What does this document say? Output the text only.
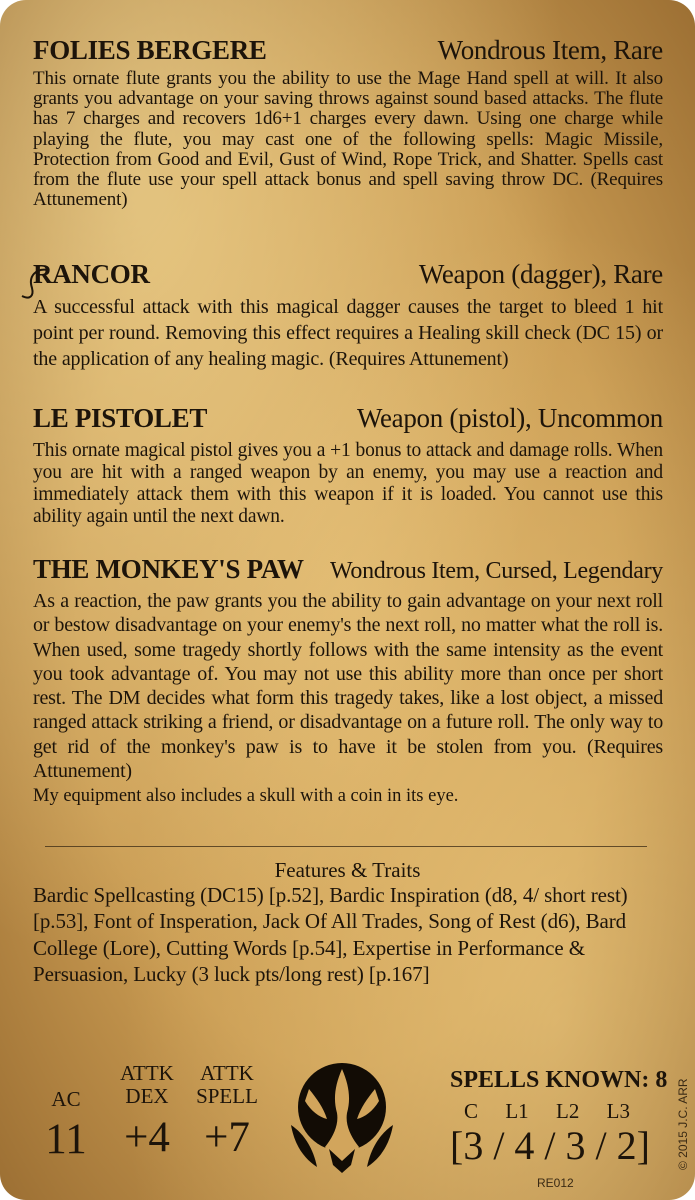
FOLIES BERGERE	Wondrous Item, Rare
This ornate flute grants you the ability to use the Mage Hand spell at will. It also grants you advantage on your saving throws against sound based attacks. The flute has 7 charges and recovers 1d6+1 charges every dawn. Using one charge while playing the flute, you may cast one of the following spells: Magic Missile, Protection from Good and Evil, Gust of Wind, Rope Trick, and Shatter. Spells cast from the flute use your spell attack bonus and spell saving throw DC. (Requires Attunement)
RANCOR	Weapon (dagger), Rare
A successful attack with this magical dagger causes the target to bleed 1 hit point per round. Removing this effect requires a Healing skill check (DC 15) or the application of any healing magic. (Requires Attunement)
LE PISTOLET	Weapon (pistol), Uncommon
This ornate magical pistol gives you a +1 bonus to attack and damage rolls. When you are hit with a ranged weapon by an enemy, you may use a reaction and immediately attack them with this weapon if it is loaded. You cannot use this ability again until the next dawn.
THE MONKEY'S PAW Wondrous Item, Cursed, Legendary
As a reaction, the paw grants you the ability to gain advantage on your next roll or bestow disadvantage on your enemy's the next roll, no matter what the roll is. When used, some tragedy shortly follows with the same intensity as the event you took advantage of. You may not use this ability more than once per short rest. The DM decides what form this tragedy takes, like a lost object, a missed ranged attack striking a friend, or disadvantage on a future roll. The only way to get rid of the monkey's paw is to have it be stolen from you. (Requires Attunement)
My equipment also includes a skull with a coin in its eye.
Features & Traits
Bardic Spellcasting (DC15) [p.52], Bardic Inspiration (d8, 4/ short rest) [p.53], Font of Insperation, Jack Of All Trades, Song of Rest (d6), Bard College (Lore), Cutting Words [p.54], Expertise in Performance & Persuasion, Lucky (3 luck pts/long rest) [p.167]
AC
11
ATTK
DEX
+4
ATTK
SPELL
+7
SPELLS KNOWN: 8
C L1 L2 L3
[3 / 4 / 3 / 2]
RE012
© 2015 J.C. ARR
